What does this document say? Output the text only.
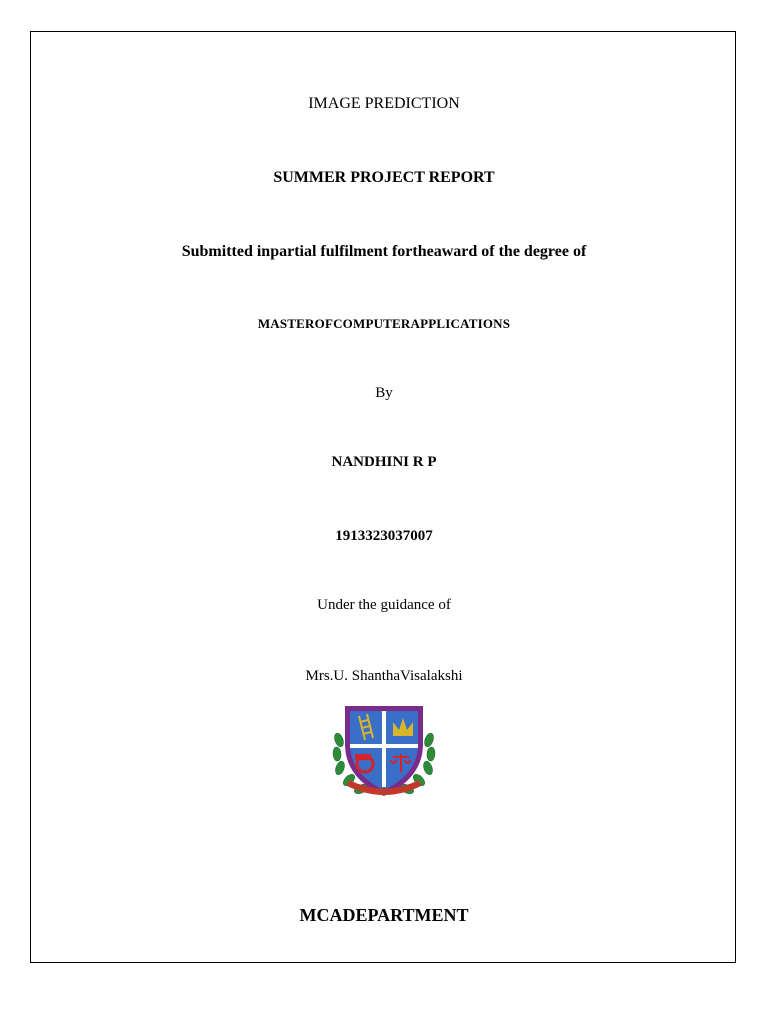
IMAGE PREDICTION
SUMMER PROJECT REPORT
Submitted inpartial fulfilment fortheaward of the degree of
MASTEROFCOMPUTERAPPLICATIONS
By
NANDHINI R P
1913323037007
Under the guidance of
Mrs.U. ShanthaVisalakshi
MCADEPARTMENT
